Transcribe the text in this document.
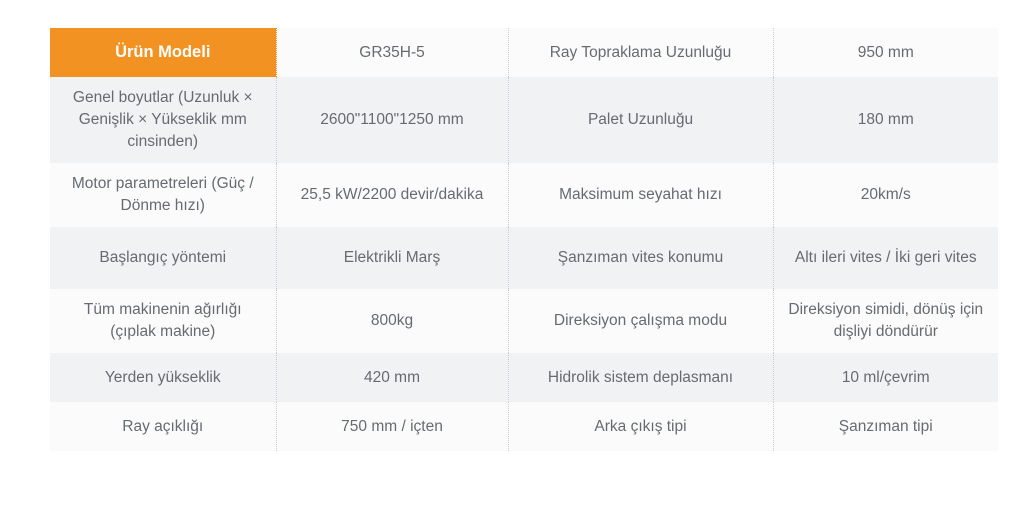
Ürün Modeli	GR35H-5	Ray Topraklama Uzunluğu	950 mm
Genel boyutlar (Uzunluk × Genişlik × Yükseklik mm cinsinden)	2600"1100"1250 mm	Palet Uzunluğu	180 mm
Motor parametreleri (Güç / Dönme hızı)	25,5 kW/2200 devir/dakika	Maksimum seyahat hızı	20km/s
Başlangıç yöntemi	Elektrikli Marş	Şanzıman vites konumu	Altı ileri vites / İki geri vites
Tüm makinenin ağırlığı (çıplak makine)	800kg	Direksiyon çalışma modu	Direksiyon simidi, dönüş için dişliyi döndürür
Yerden yükseklik	420 mm	Hidrolik sistem deplasmanı	10 ml/çevrim
Ray açıklığı	750 mm / içten	Arka çıkış tipi	Şanzıman tipi
